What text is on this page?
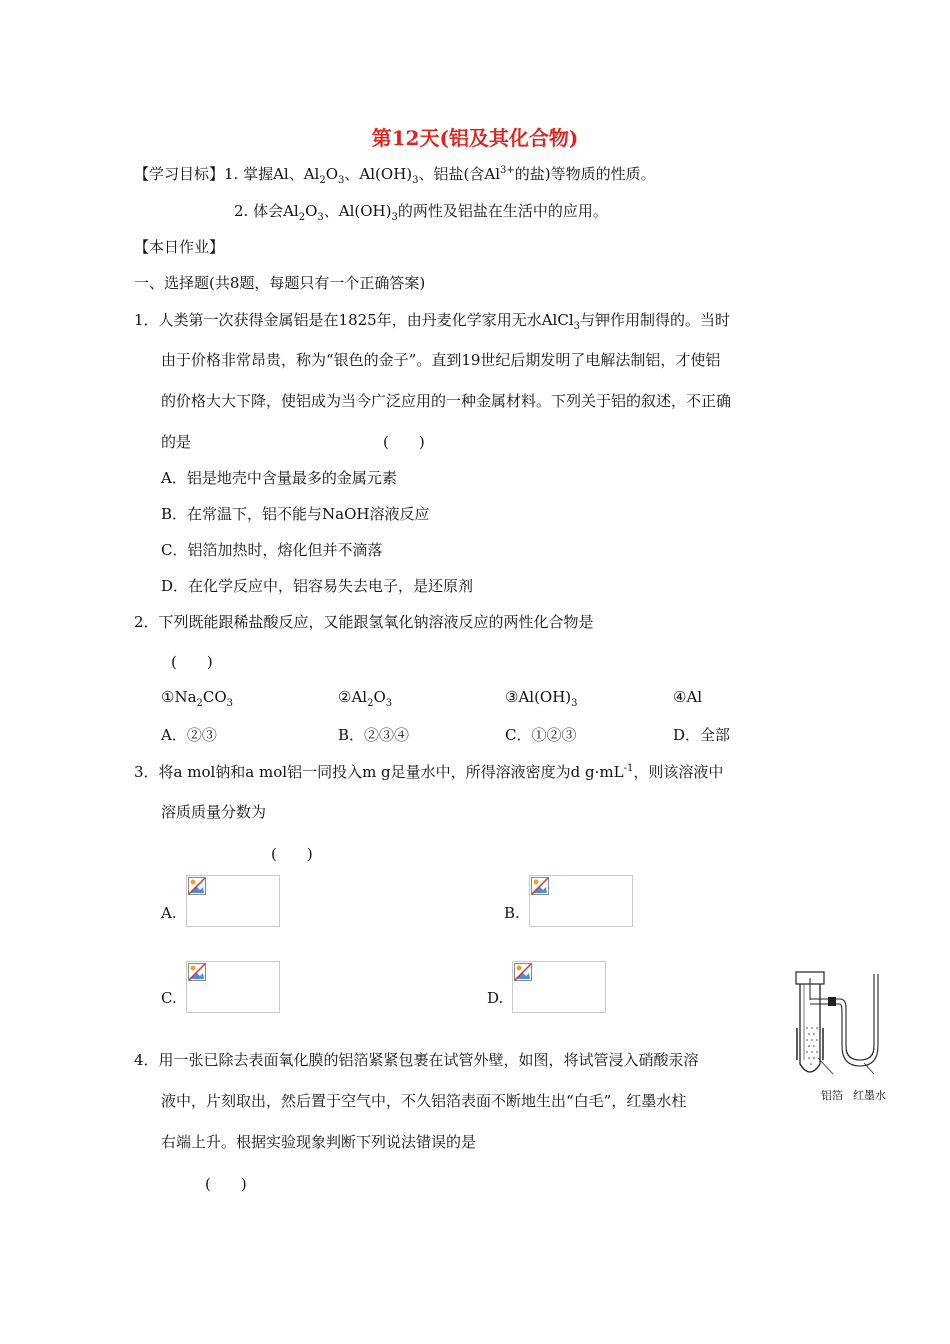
第12天(铝及其化合物)
【学习目标】1. 掌握Al、$Al_2O_3$、$Al(OH)_3$、铝盐(含$Al^{3+}$的盐)等物质的性质。
2. 体会$Al_2O_3$、$Al(OH)_3$的两性及铝盐在生活中的应用。
【本日作业】
一、选择题(共8题，每题只有一个正确答案)
1．人类第一次获得金属铝是在1825年，由丹麦化学家用无水AlCl$_3$与钾作用制得的。当时
由于价格非常昂贵，称为“银色的金子”。直到19世纪后期发明了电解法制铝，才使铝
的价格大大下降，使铝成为当今广泛应用的一种金属材料。下列关于铝的叙述，不正确
的是	(　　)
A．铝是地壳中含量最多的金属元素
B．在常温下，铝不能与NaOH溶液反应
C．铝箔加热时，熔化但并不滴落
D．在化学反应中，铝容易失去电子，是还原剂
2．下列既能跟稀盐酸反应，又能跟氢氧化钠溶液反应的两性化合物是
(　　)
$①Na_2CO_3$	$②Al_2O_3$	$③Al(OH)_3$	④Al
A．②③	B．②③④	C．①②③	D．全部
3．将a mol钠和a mol铝一同投入m g足量水中，所得溶液密度为d $g\cdot mL^{-1}$，则该溶液中
溶质质量分数为
(　　)
A.	B.
C.	D.
4．用一张已除去表面氧化膜的铝箔紧紧包裹在试管外壁，如图，将试管浸入硝酸汞溶
液中，片刻取出，然后置于空气中，不久铝箔表面不断地生出“白毛”，红墨水柱
右端上升。根据实验现象判断下列说法错误的是
(　　)
铝箔 红墨水
